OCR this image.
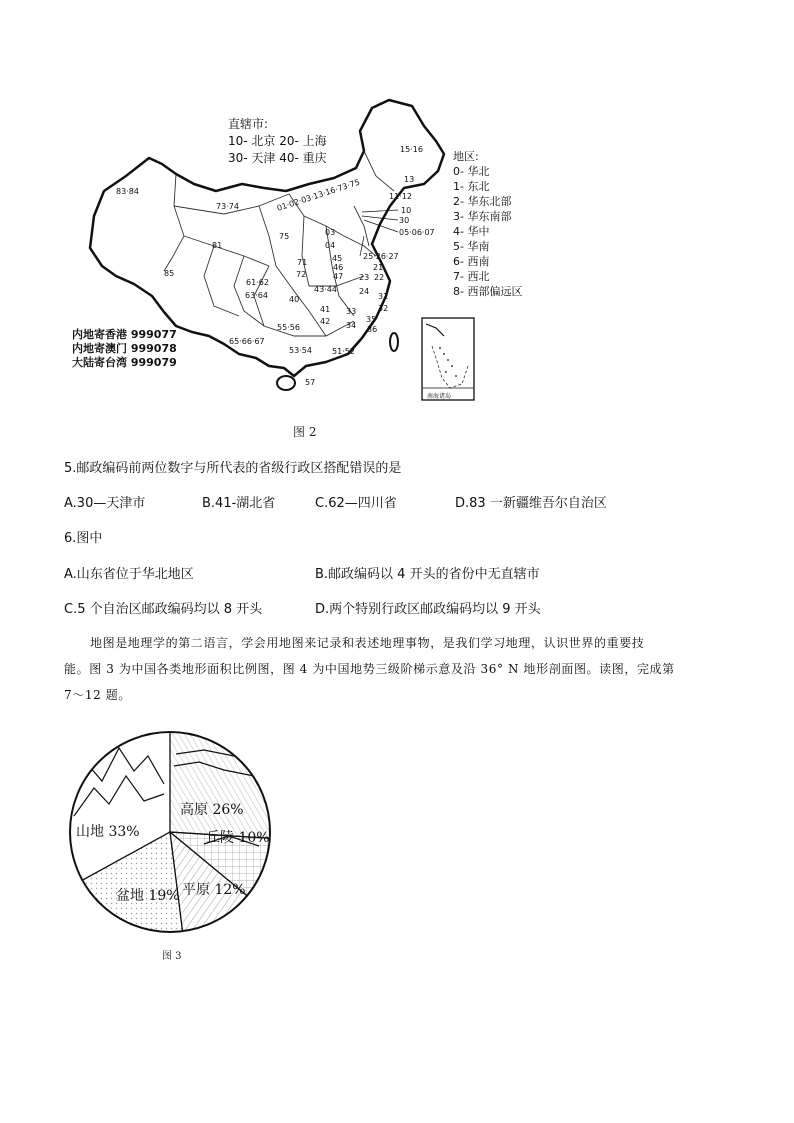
南海诸岛
15·16
13
11·12
10
30
05·06·07
01·02·03·13·16·73·75
83·84
73·74
81
85
75
71
72
03
04
45
46
47
25·26·27
21
23 22
24
31
32
33
34
35
36
61·62
63·64	40
43·44
41
42
55·56
65·66·67
53·54	51·52
57
直辖市:
10- 北京 20- 上海
30- 天津 40- 重庆	地区:
0- 华北
1- 东北
2- 华东北部
3- 华东南部
4- 华中
5- 华南
6- 西南
7- 西北
8- 西部偏远区
内地寄香港 999077
内地寄澳门 999078
大陆寄台湾 999079
图 2
5.邮政编码前两位数字与所代表的省级行政区搭配错误的是
A.30—天津市	B.41-湖北省	C.62—四川省	D.83 一新疆维吾尔自治区
6.图中
A.山东省位于华北地区	B.邮政编码以 4 开头的省份中无直辖市
C.5 个自治区邮政编码均以 8 开头	D.两个特别行政区邮政编码均以 9 开头
地图是地理学的第二语言，学会用地图来记录和表述地理事物，是我们学习地理，认识世界的重要技
能。图 3 为中国各类地形面积比例图，图 4 为中国地势三级阶梯示意及沿 36° N 地形剖面图。读图，完成第
7～12 题。
高原 26%
丘陵 10%
平原 12%
盆地 19%
山地 33%
图 3
